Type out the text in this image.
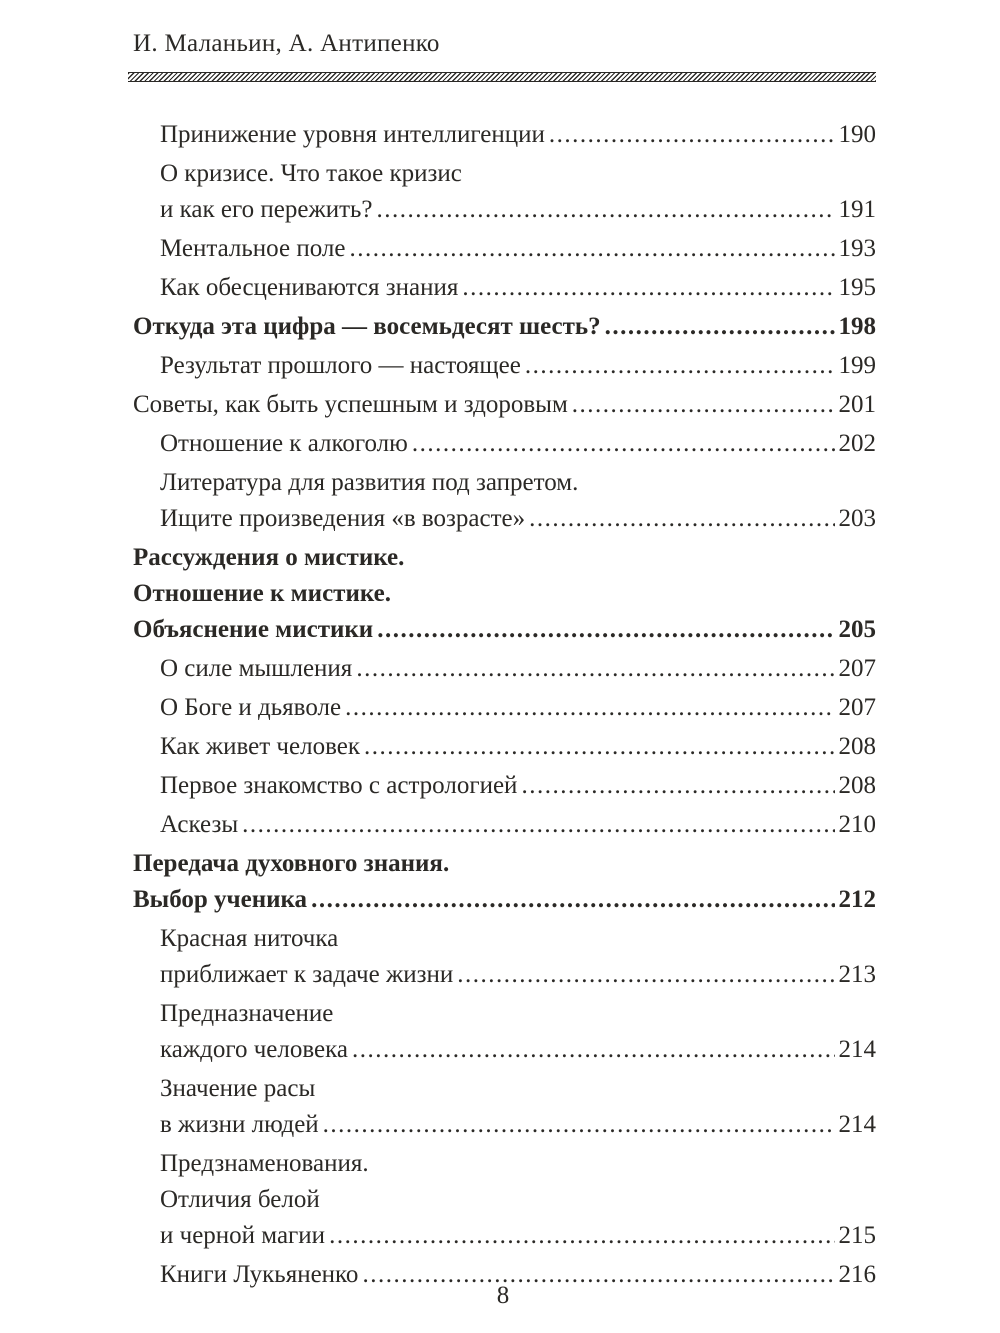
И. Маланьин, А. Антипенко
Принижение уровня интеллигенции .....	190
О кризисе. Что такое кризис
и как его пережить? .....	191
Ментальное поле .....	193
Как обесцениваются знания .....	195
Откуда эта цифра — восемьдесят шесть? .....	198
Результат прошлого — настоящее .....	199
Советы, как быть успешным и здоровым .....	201
Отношение к алкоголю .....	202
Литература для развития под запретом.
Ищите произведения «в возрасте» .....	203
Рассуждения о мистике.
Отношение к мистике.
Объяснение мистики .....	205
О силе мышления .....	207
О Боге и дьяволе .....	207
Как живет человек .....	208
Первое знакомство с астрологией .....	208
Аскезы .....	210
Передача духовного знания.
Выбор ученика .....	212
Красная ниточка
приближает к задаче жизни .....	213
Предназначение
каждого человека .....	214
Значение расы
в жизни людей .....	214
Предзнаменования.
Отличия белой
и черной магии .....	215
Книги Лукьяненко .....	216
8
